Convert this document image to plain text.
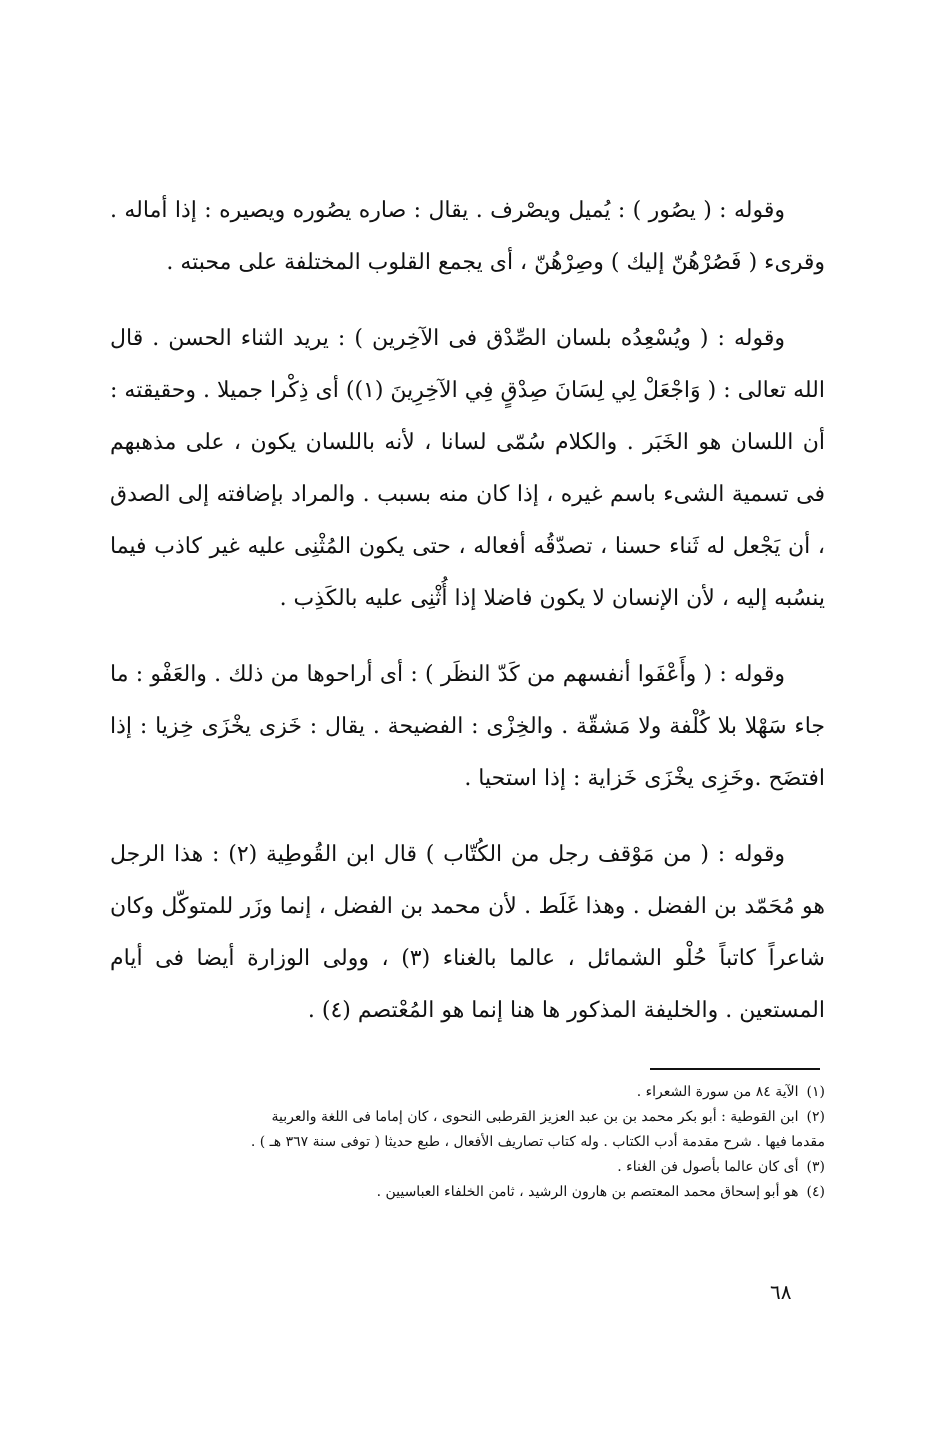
وقوله : ( يصُور ) : يُميل ويصْرف . يقال : صاره يصُوره ويصيره : إذا أماله . وقرىء ( فَصُرْهُنّ إليك ) وصِرْهُنّ ، أى يجمع القلوب المختلفة على محبته .

وقوله : ( ويُسْعِدُه بلسان الصِّدْق فى الآخِرين ) : يريد الثناء الحسن . قال الله تعالى : ( وَاجْعَلْ لِي لِسَانَ صِدْقٍ فِي الآخِرِينَ (١)) أى ذِكْرا جميلا . وحقيقته : أن اللسان هو الخَبَر . والكلام سُمّى لسانا ، لأنه باللسان يكون ، على مذهبهم فى تسمية الشىء باسم غيره ، إذا كان منه بسبب . والمراد بإضافته إلى الصدق ، أن يَجْعل له ثَناء حسنا ، تصدّقُه أفعاله ، حتى يكون المُثْنِى عليه غير كاذب فيما ينسُبه إليه ، لأن الإنسان لا يكون فاضلا إذا أُثْنِى عليه بالكَذِب .

وقوله : ( وأَعْفَوا أنفسهم من كَدّ النظَر ) : أى أراحوها من ذلك . والعَفْو : ما جاء سَهْلا بلا كُلْفة ولا مَشقّة . والخِزْى : الفضيحة . يقال : خَزى يخْزَى خِزيا : إذا افتضَح .وخَزِى يخْزَى خَزاية : إذا استحيا .

وقوله : ( من مَوْقف رجل من الكُتّاب ) قال ابن القُوطِية (٢) : هذا الرجل هو مُحَمّد بن الفضل . وهذا غَلَط . لأن محمد بن الفضل ، إنما وزَر للمتوكّل وكان شاعراً كاتباً حُلْو الشمائل ، عالما بالغناء (٣) ، وولى الوزارة أيضا فى أيام المستعين . والخليفة المذكور ها هنا إنما هو المُعْتصم (٤) .

(١)الآية ٨٤ من سورة الشعراء .

(٢)ابن القوطية : أبو بكر محمد بن بن عبد العزيز القرطبى النحوى ، كان إماما فى اللغة والعربية

مقدما فيها . شرح مقدمة أدب الكتاب . وله كتاب تصاريف الأفعال ، طبع حديثا ( توفى سنة ٣٦٧ هـ ) .

(٣)أى كان عالما بأصول فن الغناء .

(٤)هو أبو إسحاق محمد المعتصم بن هارون الرشيد ، ثامن الخلفاء العباسيين .

٦٨
